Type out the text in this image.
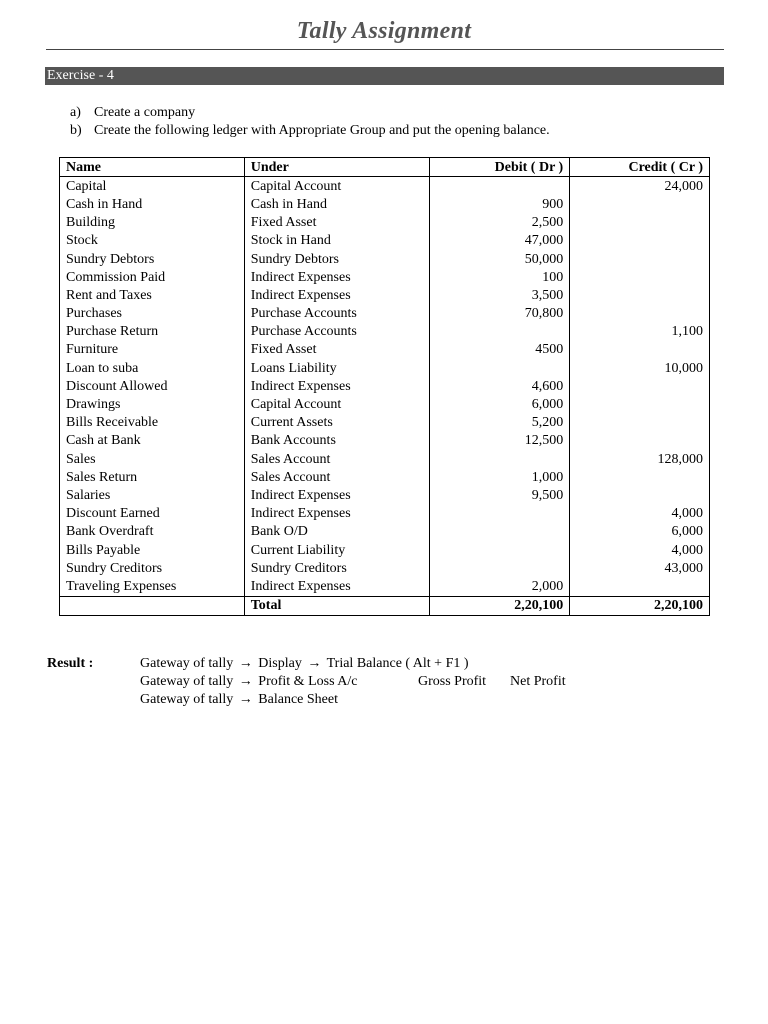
Tally Assignment
Exercise - 4
a) Create a company
b) Create the following ledger with Appropriate Group and put the opening balance.
Name	Under	Debit ( Dr )	Credit ( Cr )
Capital	Capital Account		24,000
Cash in Hand	Cash in Hand	900	
Building	Fixed Asset	2,500	
Stock	Stock in Hand	47,000	
Sundry Debtors	Sundry Debtors	50,000	
Commission Paid	Indirect Expenses	100	
Rent and Taxes	Indirect Expenses	3,500	
Purchases	Purchase Accounts	70,800	
Purchase Return	Purchase Accounts		1,100
Furniture	Fixed Asset	4500	
Loan to suba	Loans Liability		10,000
Discount Allowed	Indirect Expenses	4,600	
Drawings	Capital Account	6,000	
Bills Receivable	Current Assets	5,200	
Cash at Bank	Bank Accounts	12,500	
Sales	Sales Account		128,000
Sales Return	Sales Account	1,000	
Salaries	Indirect Expenses	9,500	
Discount Earned	Indirect Expenses		4,000
Bank Overdraft	Bank O/D		6,000
Bills Payable	Current Liability		4,000
Sundry Creditors	Sundry Creditors		43,000
Traveling Expenses	Indirect Expenses	2,000	
	Total	2,20,100	2,20,100
Result :	Gateway of tally → Display → Trial Balance ( Alt + F1 )
Gateway of tally → Profit & Loss A/c	Gross Profit Net Profit
Gateway of tally → Balance Sheet
